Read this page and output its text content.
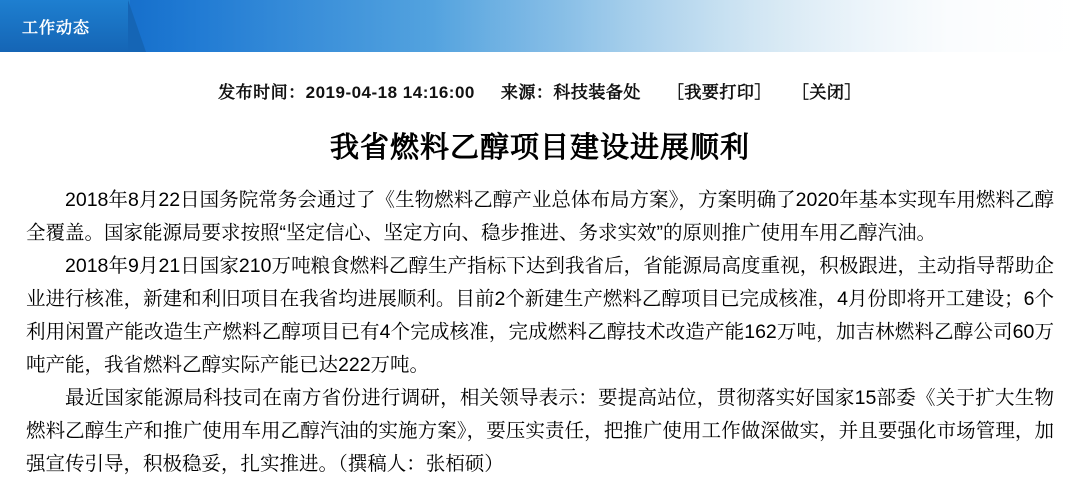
工作动态
发布时间：2019-04-18 14:16:00 来源：科技装备处 ［我要打印］ ［关闭］
我省燃料乙醇项目建设进展顺利

2018年8月22日国务院常务会通过了《生物燃料乙醇产业总体布局方案》，方案明确了2020年基本实现车用燃料乙醇全覆盖。国家能源局要求按照“坚定信心、坚定方向、稳步推进、务求实效”的原则推广使用车用乙醇汽油。

2018年9月21日国家210万吨粮食燃料乙醇生产指标下达到我省后，省能源局高度重视，积极跟进，主动指导帮助企业进行核准，新建和利旧项目在我省均进展顺利。目前2个新建生产燃料乙醇项目已完成核准，4月份即将开工建设；6个利用闲置产能改造生产燃料乙醇项目已有4个完成核准，完成燃料乙醇技术改造产能162万吨，加吉林燃料乙醇公司60万吨产能，我省燃料乙醇实际产能已达222万吨。

最近国家能源局科技司在南方省份进行调研，相关领导表示：要提高站位，贯彻落实好国家15部委《关于扩大生物燃料乙醇生产和推广使用车用乙醇汽油的实施方案》，要压实责任，把推广使用工作做深做实，并且要强化市场管理，加强宣传引导，积极稳妥，扎实推进。（撰稿人：张栢硕）
